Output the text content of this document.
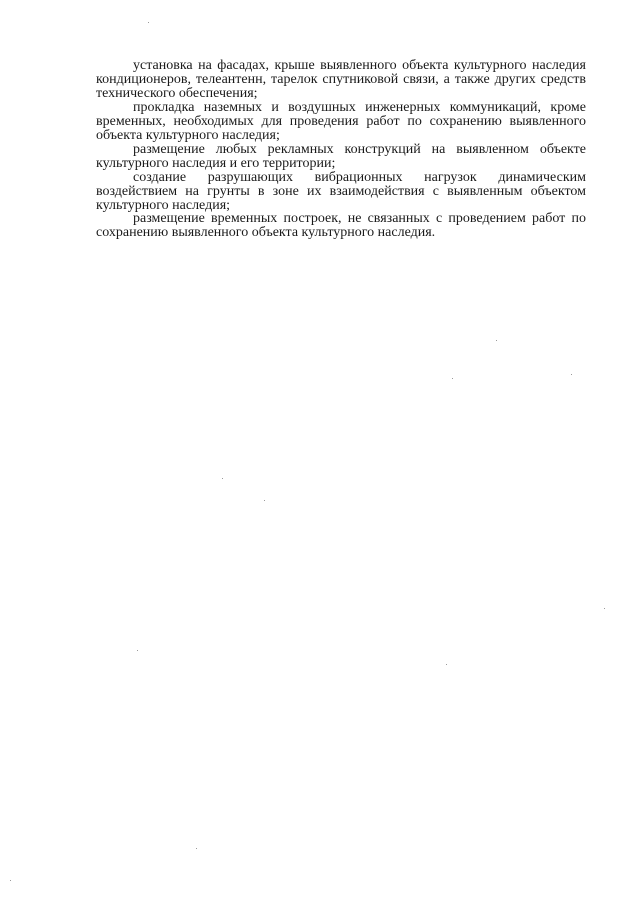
установка на фасадах, крыше выявленного объекта культурного наследия кондиционеров, телеантенн, тарелок спутниковой связи, а также других средств технического обеспечения;

прокладка наземных и воздушных инженерных коммуникаций, кроме временных, необходимых для проведения работ по сохранению выявленного объекта культурного наследия;

размещение любых рекламных конструкций на выявленном объекте культурного наследия и его территории;

создание разрушающих вибрационных нагрузок динамическим воздействием на грунты в зоне их взаимодействия с выявленным объектом культурного наследия;

размещение временных построек, не связанных с проведением работ по сохранению выявленного объекта культурного наследия.
